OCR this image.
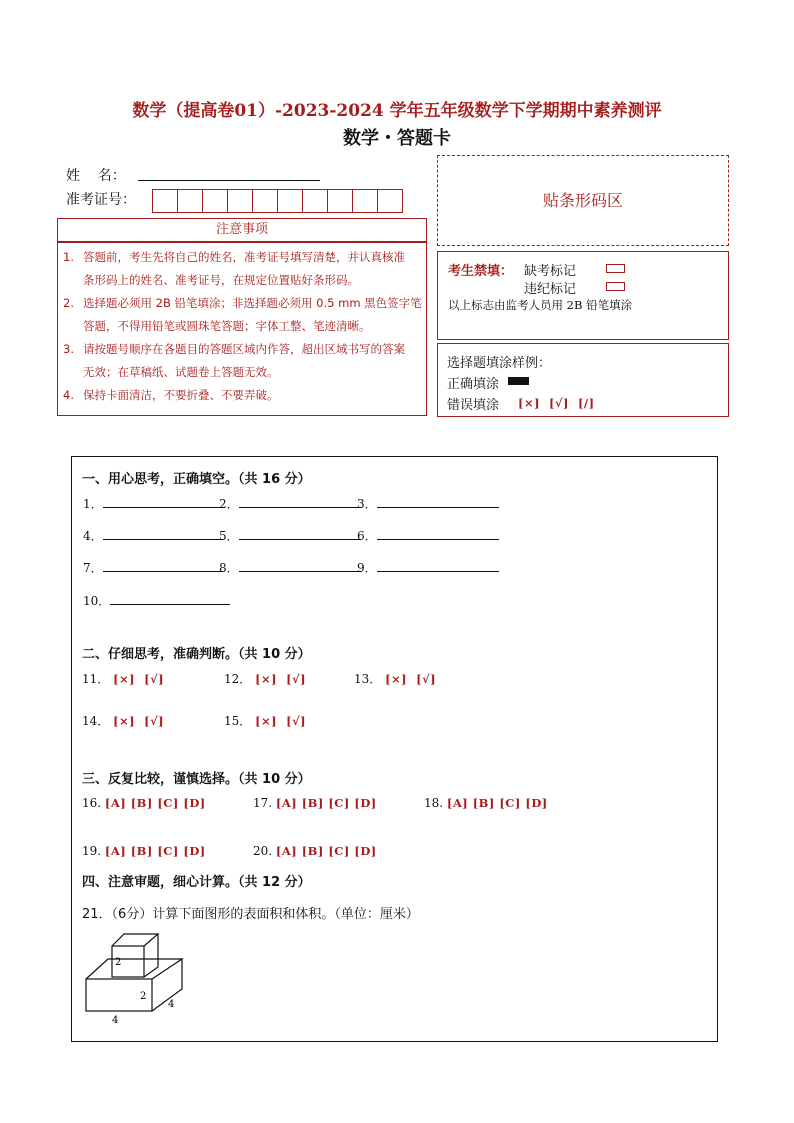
数学（提高卷01）-2023-2024 学年五年级数学下学期期中素养测评
数学・答题卡
姓    名：
准考证号：	贴条形码区
注意事项
1. 答题前，考生先将自己的姓名，准考证号填写清楚，并认真核准
条形码上的姓名、准考证号，在规定位置贴好条形码。
2. 选择题必须用 2B 铅笔填涂；非选择题必须用 0.5 mm 黑色签字笔
答题，不得用铅笔或圆珠笔答题；字体工整、笔迹清晰。
3. 请按题号顺序在各题目的答题区域内作答，超出区域书写的答案
无效；在草稿纸、试题卷上答题无效。
4. 保持卡面清洁，不要折叠、不要弄破。
考生禁填： 缺考标记
违纪标记
以上标志由监考人员用 2B 铅笔填涂
选择题填涂样例：
正确填涂
错误填涂 [×]  [√]  [/]
一、用心思考，正确填空。（共 16 分）
1．	2．	3．
4．	5．	6．
7．	8．	9．
10．
二、仔细思考，准确判断。（共 10 分）
11． [×]  [√]	12． [×]  [√]	13． [×]  [√]
14． [×]  [√]	15． [×]  [√]
三、反复比较，谨慎选择。（共 10 分）
16. [A] [B] [C] [D]	17. [A] [B] [C] [D]	18. [A] [B] [C] [D]
19. [A] [B] [C] [D]	20. [A] [B] [C] [D]
四、注意审题，细心计算。（共 12 分）
21．（6分）计算下面图形的表面积和体积。（单位：厘米）
2
2
4
4
